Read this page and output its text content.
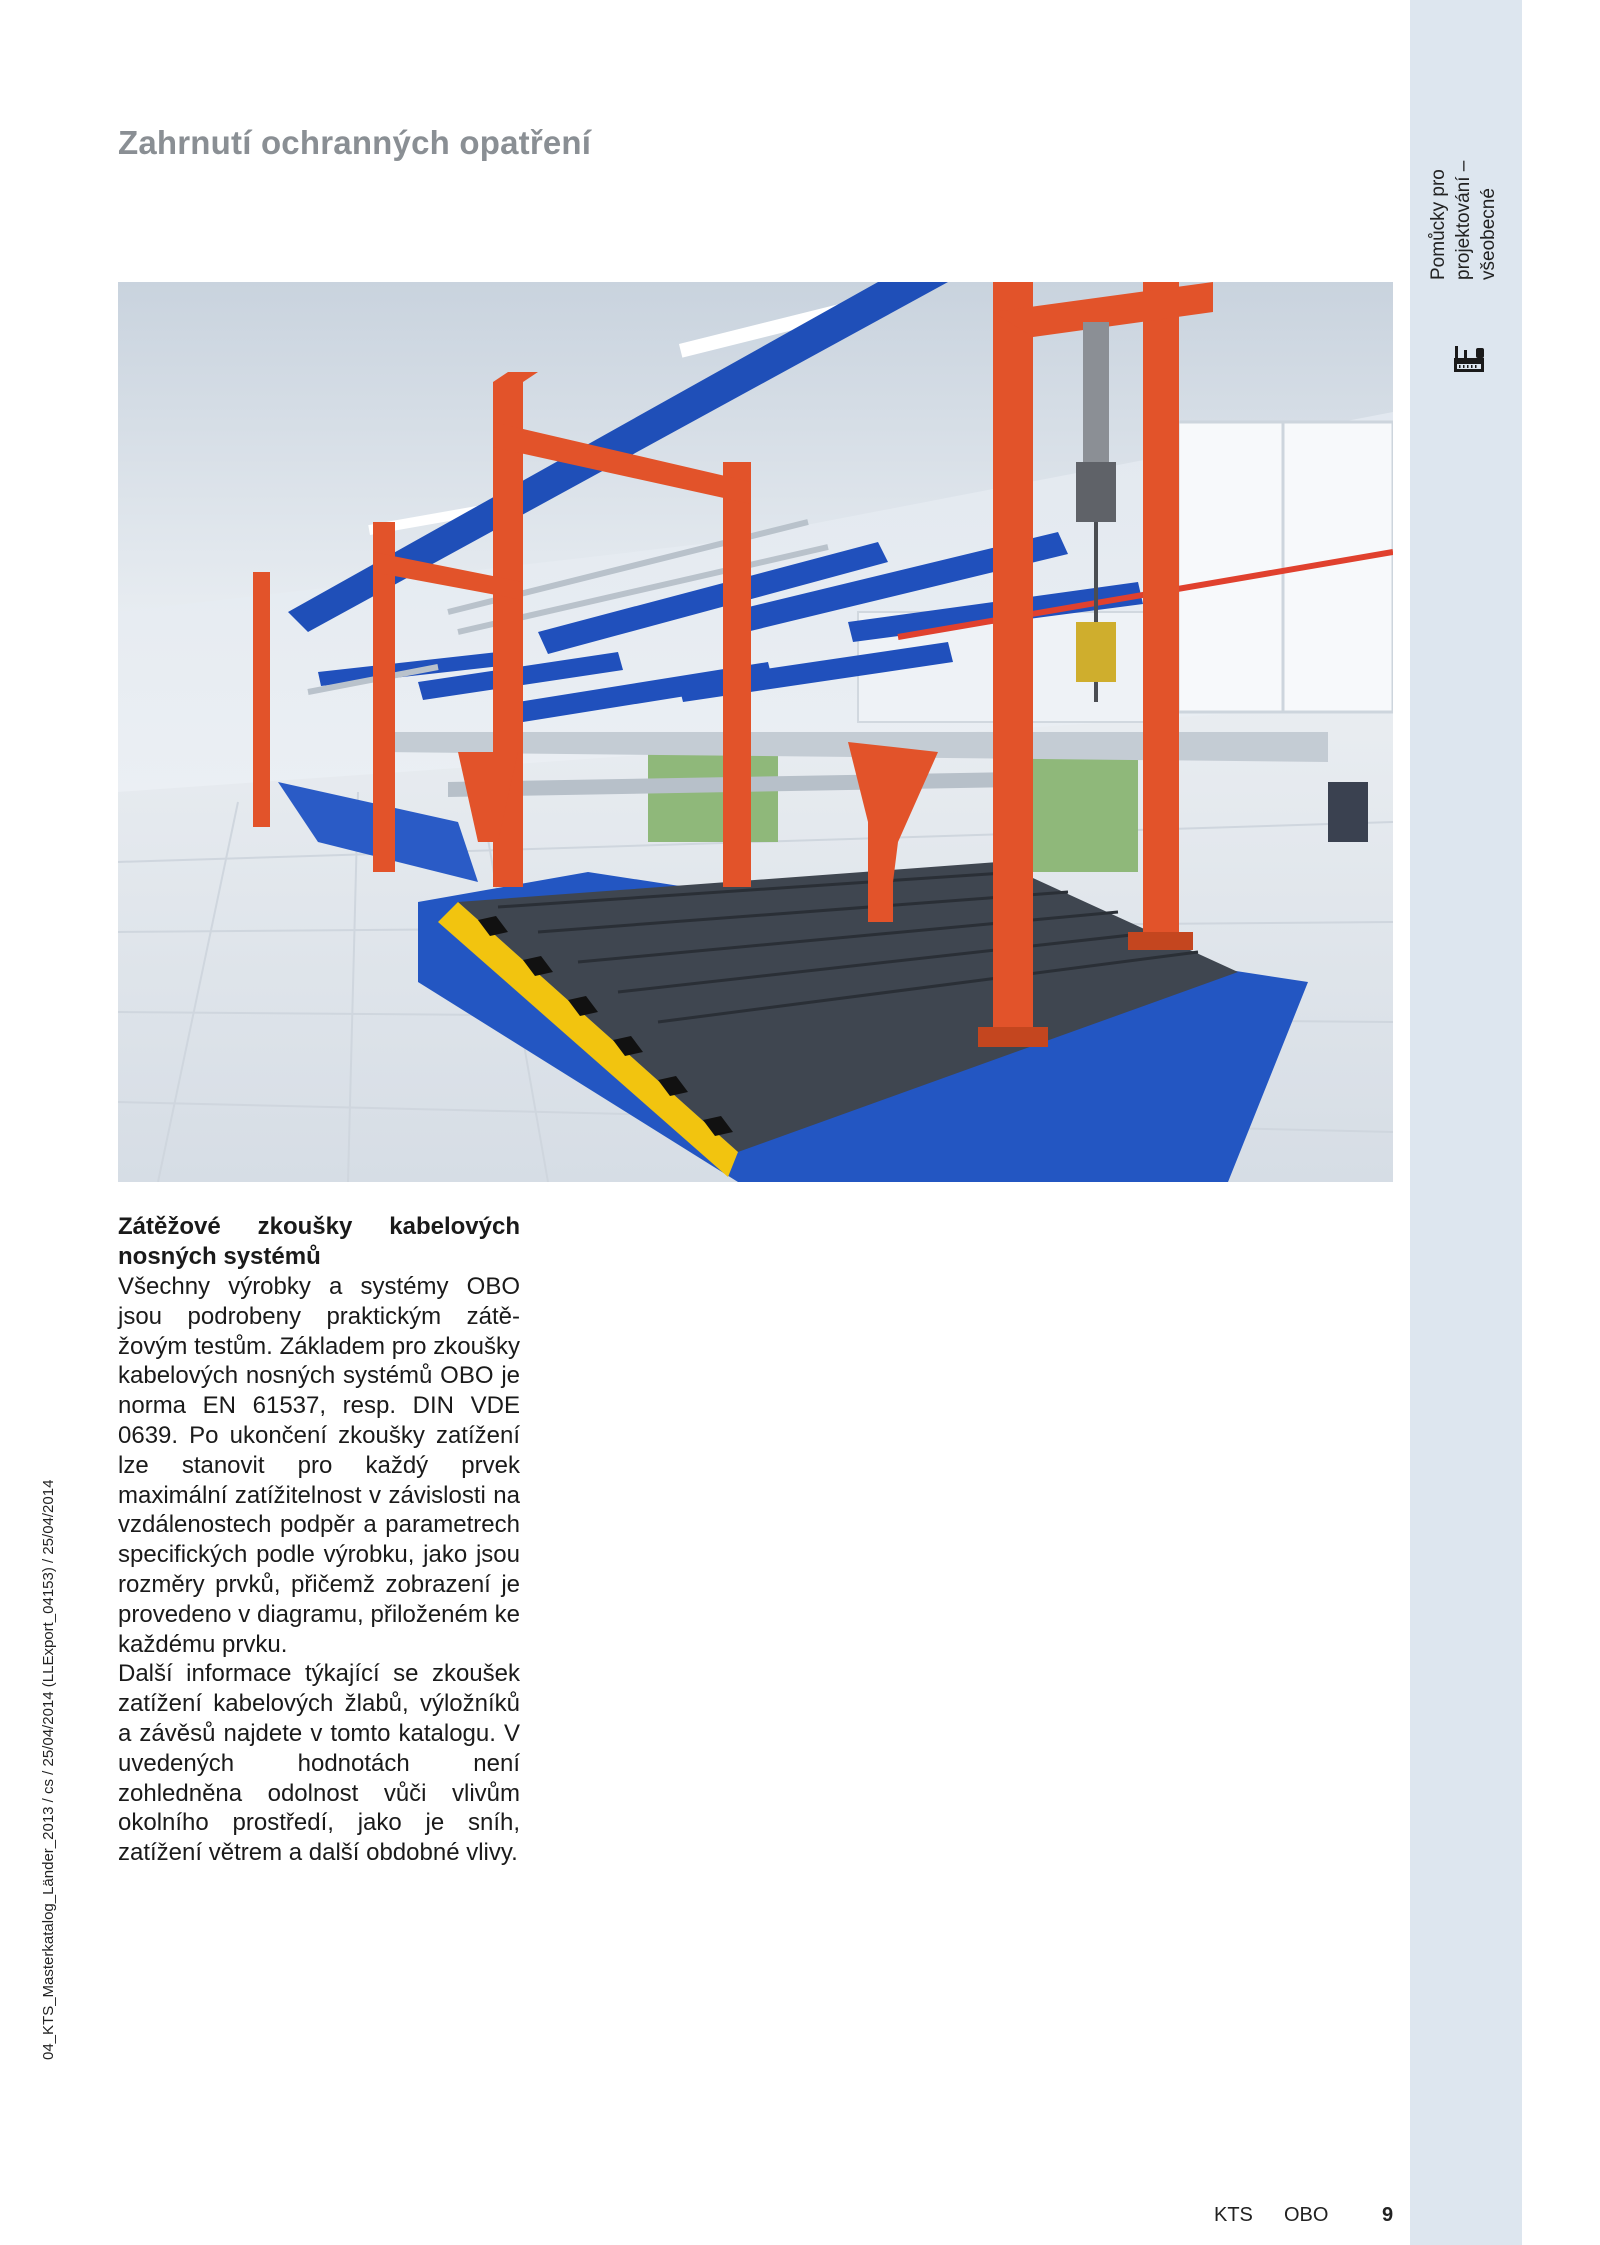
Pomůcky pro projektování – všeobecné
Zahrnutí ochranných opatření
Zátěžové zkoušky kabelových nosných systémů

Všechny výrobky a systémy OBO jsou podrobeny praktickým zátěžovým testům. Základem pro zkoušky kabelových nosných systémů OBO je norma EN 61537, resp. DIN VDE 0639. Po ukončení zkoušky zatížení lze stanovit pro každý prvek maximální zatížitelnost v závislosti na vzdálenostech podpěr a parametrech specifických podle výrobku, jako jsou rozměry prvků, přičemž zobrazení je provedeno v diagramu, přiloženém ke každému prvku.

Další informace týkající se zkoušek zatížení kabelových žlabů, výložníků a závěsů najdete v tomto katalogu. V uvedených hodnotách není zohledněna odolnost vůči vlivům okolního prostředí, jako je sníh, zatížení větrem a další obdobné vlivy.

04_KTS_Masterkatalog_Länder_2013 / cs / 25/04/2014 (LLExport_04153) / 25/04/2014
KTS OBO	9
